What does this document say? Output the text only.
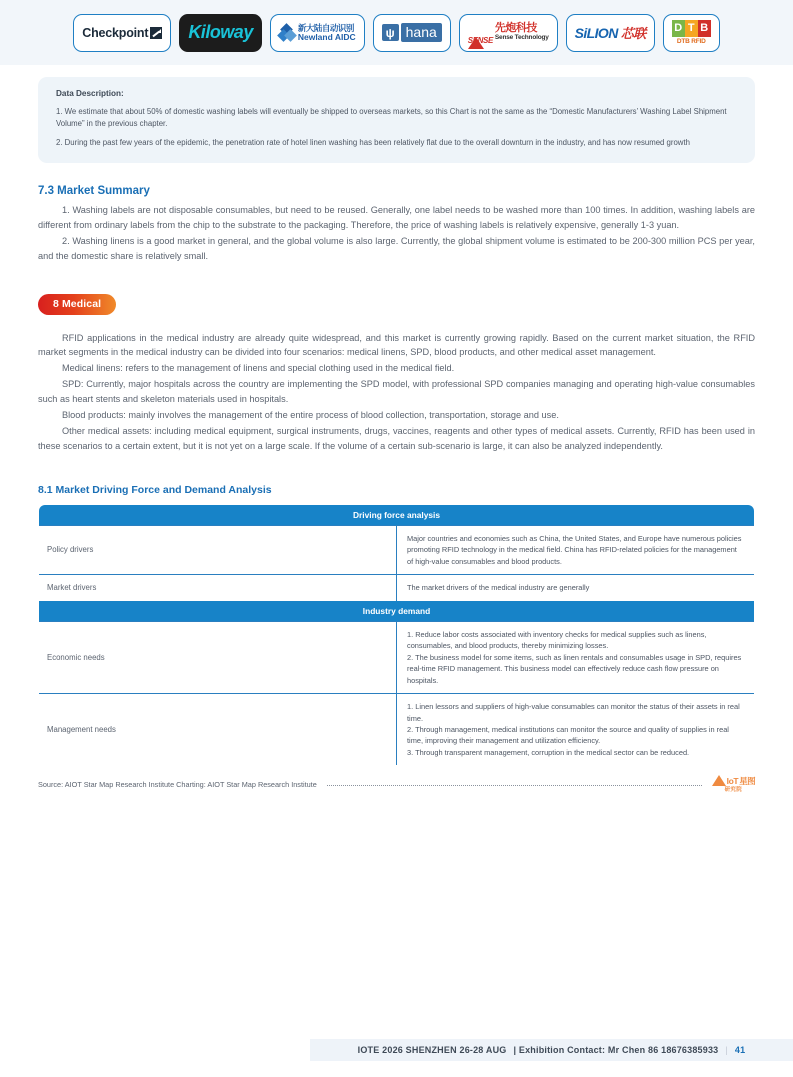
Checkpoint Kiloway	新大陆自动识别
Newland AIDC	ψ hana	SENSE
先炮科技
Sense Technology SiLION 芯联	D T B
DTB RFID
Data Description:
1. We estimate that about 50% of domestic washing labels will eventually be shipped to overseas markets, so this Chart is not the same as the “Domestic Manufacturers’ Washing Label Shipment Volume” in the previous chapter.
2. During the past few years of the epidemic, the penetration rate of hotel linen washing has been relatively flat due to the overall downturn in the industry, and has now resumed growth
7.3 Market Summary

1. Washing labels are not disposable consumables, but need to be reused. Generally, one label needs to be washed more than 100 times. In addition, washing labels are different from ordinary labels from the chip to the substrate to the packaging. Therefore, the price of washing labels is relatively expensive, generally 1-3 yuan.

2. Washing linens is a good market in general, and the global volume is also large. Currently, the global shipment volume is estimated to be 200-300 million PCS per year, and the domestic share is relatively small.

8 Medical

RFID applications in the medical industry are already quite widespread, and this market is currently growing rapidly. Based on the current market situation, the RFID market segments in the medical industry can be divided into four scenarios: medical linens, SPD, blood products, and other medical asset management.

Medical linens: refers to the management of linens and special clothing used in the medical field.

SPD: Currently, major hospitals across the country are implementing the SPD model, with professional SPD companies managing and operating high-value consumables such as heart stents and skeleton materials used in hospitals.

Blood products: mainly involves the management of the entire process of blood collection, transportation, storage and use.

Other medical assets: including medical equipment, surgical instruments, drugs, vaccines, reagents and other types of medical assets. Currently, RFID has been used in these scenarios to a certain extent, but it is not yet on a large scale. If the volume of a certain sub-scenario is large, it can also be analyzed independently.

8.1 Market Driving Force and Demand Analysis
Driving force analysis	
Policy drivers	Major countries and economies such as China, the United States, and Europe have numerous policies promoting RFID technology in the medical field. China has RFID-related policies for the management of high-value consumables and blood products.

Market drivers	The market drivers of the medical industry are generally

Industry demand	
Economic needs	1. Reduce labor costs associated with inventory checks for medical supplies such as linens, consumables, and blood products, thereby minimizing losses.
2. The business model for some items, such as linen rentals and consumables usage in SPD, requires real-time RFID management. This business model can effectively reduce cash flow pressure on hospitals.

Management needs	1. Linen lessors and suppliers of high-value consumables can monitor the status of their assets in real time.
2. Through management, medical institutions can monitor the source and quality of supplies in real time, improving their management and utilization efficiency.
3. Through transparent management, corruption in the medical sector can be reduced.
Source: AIOT Star Map Research Institute Charting: AIOT Star Map Research Institute	IoT 星图
研究院
IOTE 2026 SHENZHEN 26-28 AUG | Exhibition Contact: Mr Chen 86 18676385933 | 41
